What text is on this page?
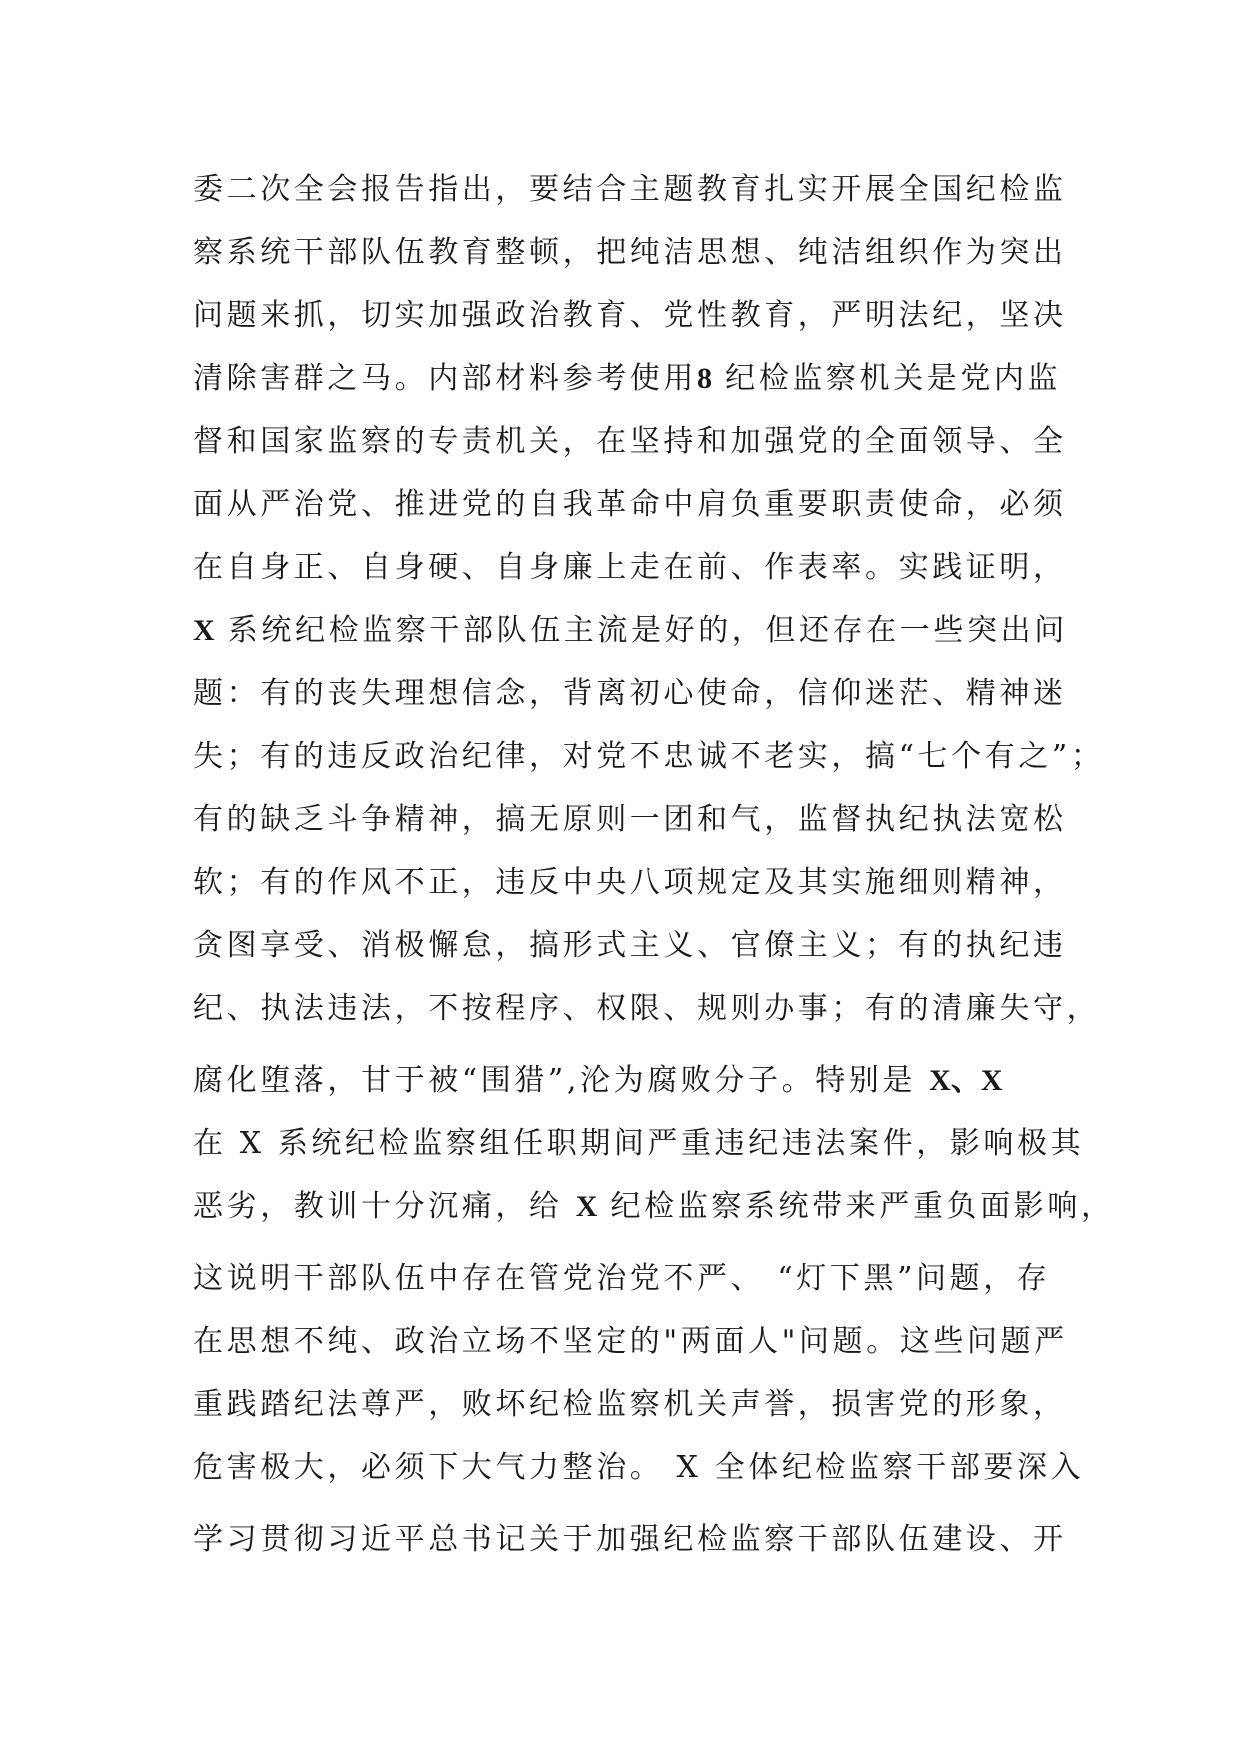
委二次全会报告指出，要结合主题教育扎实开展全国纪检监
察系统干部队伍教育整顿，把纯洁思想、纯洁组织作为突出
问题来抓，切实加强政治教育、党性教育，严明法纪，坚决
清除害群之马。内部材料参考使用8 纪检监察机关是党内监
督和国家监察的专责机关，在坚持和加强党的全面领导、全
面从严治党、推进党的自我革命中肩负重要职责使命，必须
在自身正、自身硬、自身廉上走在前、作表率。实践证明，
X 系统纪检监察干部队伍主流是好的，但还存在一些突出问
题：有的丧失理想信念，背离初心使命，信仰迷茫、精神迷
失；有的违反政治纪律，对党不忠诚不老实，搞“七个有之”；
有的缺乏斗争精神，搞无原则一团和气，监督执纪执法宽松
软；有的作风不正，违反中央八项规定及其实施细则精神，
贪图享受、消极懈怠，搞形式主义、官僚主义；有的执纪违
纪、执法违法，不按程序、权限、规则办事；有的清廉失守，
腐化堕落，甘于被“围猎”,沦为腐败分子。特别是 X、X
在 X 系统纪检监察组任职期间严重违纪违法案件，影响极其
恶劣，教训十分沉痛，给 X 纪检监察系统带来严重负面影响，
这说明干部队伍中存在管党治党不严、 “灯下黑”问题，存
在思想不纯、政治立场不坚定的"两面人"问题。这些问题严
重践踏纪法尊严，败坏纪检监察机关声誉，损害党的形象，
危害极大，必须下大气力整治。 X 全体纪检监察干部要深入
学习贯彻习近平总书记关于加强纪检监察干部队伍建设、开
